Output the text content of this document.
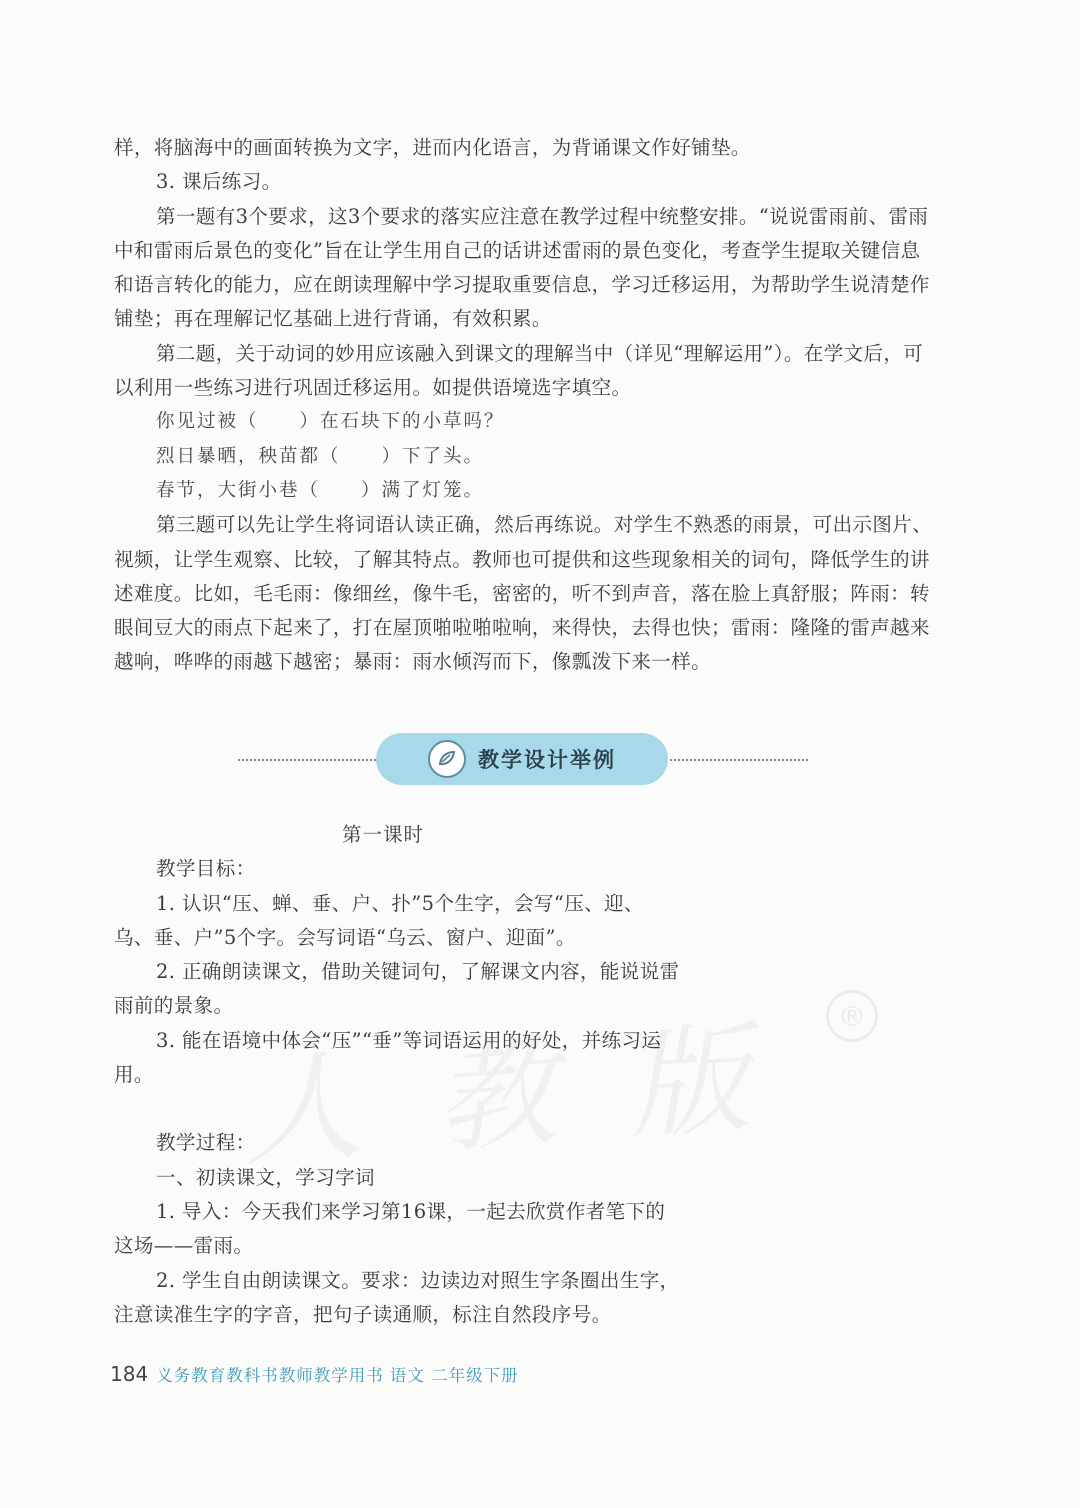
样，将脑海中的画面转换为文字，进而内化语言，为背诵课文作好铺垫。

3. 课后练习。

第一题有3个要求，这3个要求的落实应注意在教学过程中统整安排。“说说雷雨前、雷雨中和雷雨后景色的变化”旨在让学生用自己的话讲述雷雨的景色变化，考查学生提取关键信息和语言转化的能力，应在朗读理解中学习提取重要信息，学习迁移运用，为帮助学生说清楚作铺垫；再在理解记忆基础上进行背诵，有效积累。

第二题，关于动词的妙用应该融入到课文的理解当中（详见“理解运用”）。在学文后，可以利用一些练习进行巩固迁移运用。如提供语境选字填空。

你见过被（　　）在石块下的小草吗？

烈日暴晒，秧苗都（　　）下了头。

春节，大街小巷（　　）满了灯笼。

第三题可以先让学生将词语认读正确，然后再练说。对学生不熟悉的雨景，可出示图片、视频，让学生观察、比较，了解其特点。教师也可提供和这些现象相关的词句，降低学生的讲述难度。比如，毛毛雨：像细丝，像牛毛，密密的，听不到声音，落在脸上真舒服；阵雨：转眼间豆大的雨点下起来了，打在屋顶啪啦啪啦响，来得快，去得也快；雷雨：隆隆的雷声越来越响，哗哗的雨越下越密；暴雨：雨水倾泻而下，像瓢泼下来一样。

教学设计举例

第一课时

教学目标：

1. 认识“压、蝉、垂、户、扑”5个生字，会写“压、迎、乌、垂、户”5个字。会写词语“乌云、窗户、迎面”。

2. 正确朗读课文，借助关键词句，了解课文内容，能说说雷雨前的景象。

3. 能在语境中体会“压”“垂”等词语运用的好处，并练习运用。

教学过程：

一、初读课文，学习字词

1. 导入：今天我们来学习第16课，一起去欣赏作者笔下的这场——雷雨。

2. 学生自由朗读课文。要求：边读边对照生字条圈出生字，注意读准生字的字音，把句子读通顺，标注自然段序号。

®
184 义务教育教科书教师教学用书 语文 二年级下册
